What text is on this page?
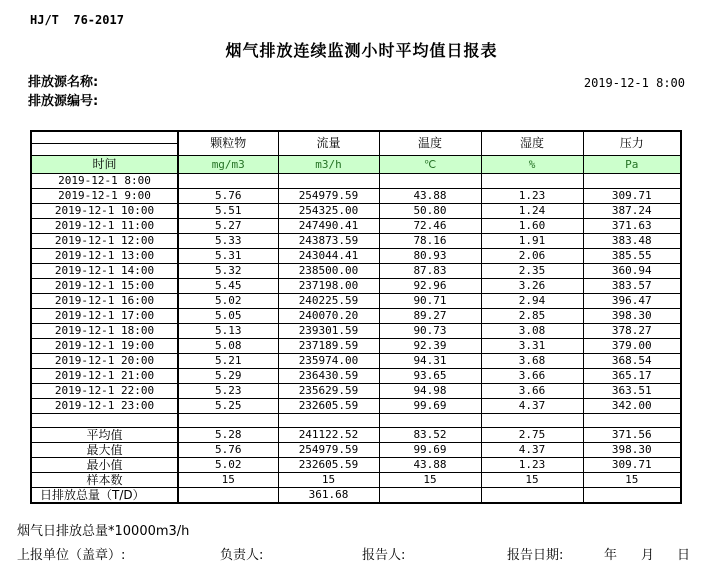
HJ/T  76-2017
烟气排放连续监测小时平均值日报表
排放源名称:
排放源编号:
2019-12-1 8:00
	颗粒物	流量	温度	湿度	压力

时间	mg/m3	m3/h	℃	%	Pa
2019-12-1 8:00					
2019-12-1 9:00	5.76	254979.59	43.88	1.23	309.71
2019-12-1 10:00	5.51	254325.00	50.80	1.24	387.24
2019-12-1 11:00	5.27	247490.41	72.46	1.60	371.63
2019-12-1 12:00	5.33	243873.59	78.16	1.91	383.48
2019-12-1 13:00	5.31	243044.41	80.93	2.06	385.55
2019-12-1 14:00	5.32	238500.00	87.83	2.35	360.94
2019-12-1 15:00	5.45	237198.00	92.96	3.26	383.57
2019-12-1 16:00	5.02	240225.59	90.71	2.94	396.47
2019-12-1 17:00	5.05	240070.20	89.27	2.85	398.30
2019-12-1 18:00	5.13	239301.59	90.73	3.08	378.27
2019-12-1 19:00	5.08	237189.59	92.39	3.31	379.00
2019-12-1 20:00	5.21	235974.00	94.31	3.68	368.54
2019-12-1 21:00	5.29	236430.59	93.65	3.66	365.17
2019-12-1 22:00	5.23	235629.59	94.98	3.66	363.51
2019-12-1 23:00	5.25	232605.59	99.69	4.37	342.00

平均值	5.28	241122.52	83.52	2.75	371.56
最大值	5.76	254979.59	99.69	4.37	398.30
最小值	5.02	232605.59	43.88	1.23	309.71
样本数	15	15	15	15	15
日排放总量（T/D）		361.68			
烟气日排放总量*10000m3/h
上报单位（盖章）:	负责人:	报告人:	报告日期:	年 月 日
